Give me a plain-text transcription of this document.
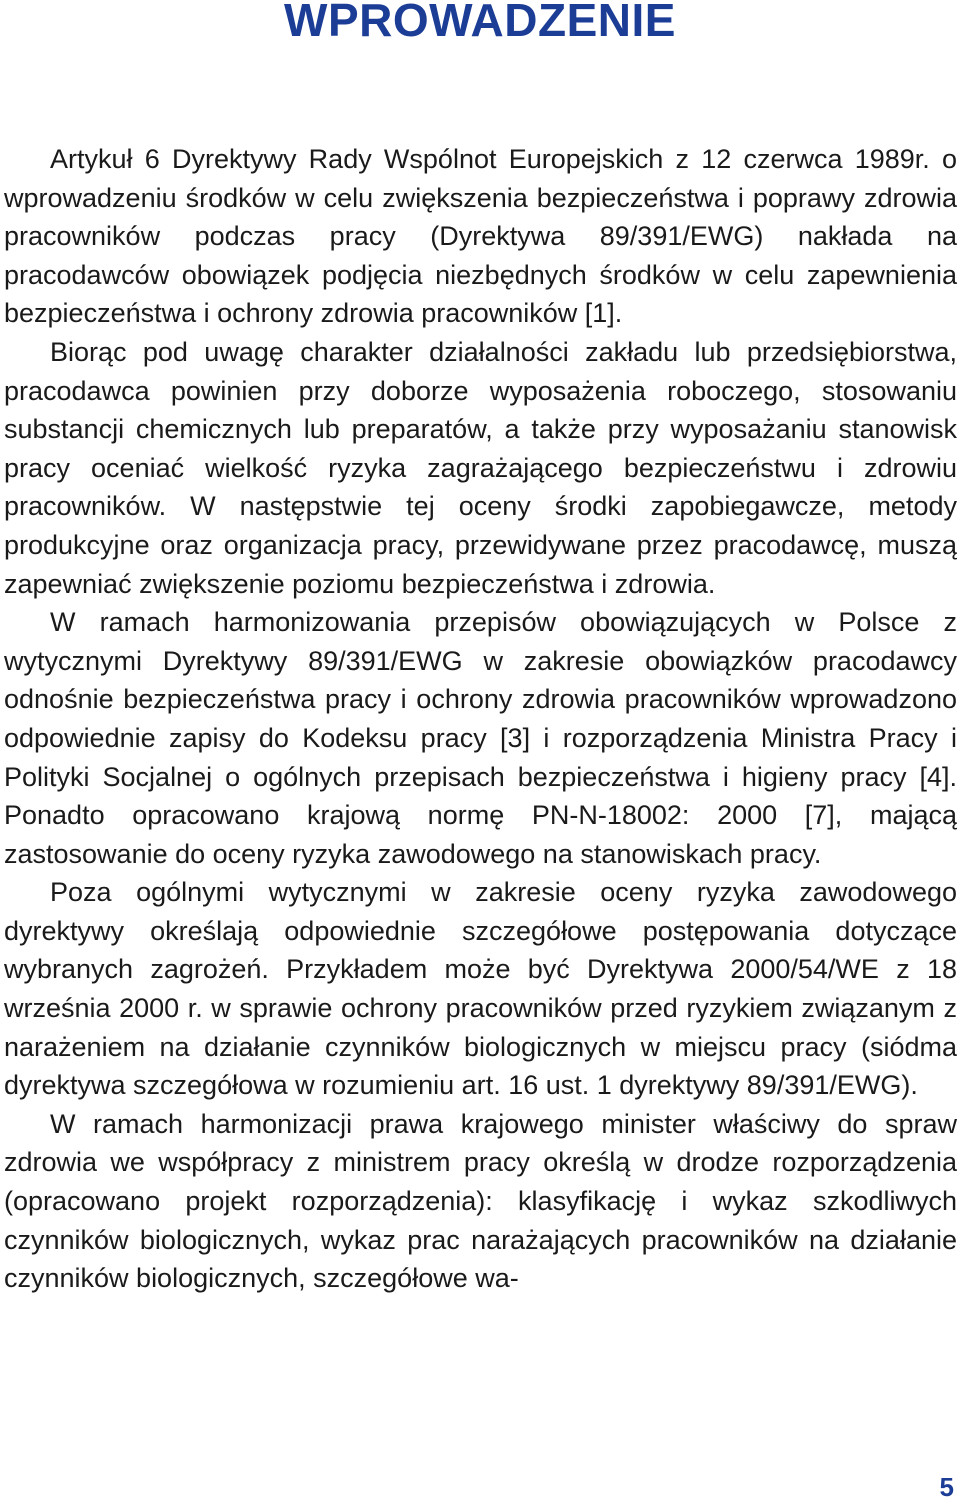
WPROWADZENIE

Artykuł 6 Dyrektywy Rady Wspólnot Europejskich z 12 czerwca 1989r. o wprowadzeniu środków w celu zwiększenia bezpieczeństwa i poprawy zdrowia pracowników podczas pracy (Dyrektywa 89/391/EWG) nakłada na pracodawców obowiązek podjęcia niezbędnych środków w celu zapewnienia bezpieczeństwa i ochrony zdrowia pracowników [1].

Biorąc pod uwagę charakter działalności zakładu lub przedsiębiorstwa, pracodawca powinien przy doborze wyposażenia roboczego, stosowaniu substancji chemicznych lub preparatów, a także przy wyposażaniu stanowisk pracy oceniać wielkość ryzyka zagrażającego bezpieczeństwu i zdrowiu pracowników. W następstwie tej oceny środki zapobiegawcze, metody produkcyjne oraz organizacja pracy, przewidywane przez pracodawcę, muszą zapewniać zwiększenie poziomu bezpieczeństwa i zdrowia.

W ramach harmonizowania przepisów obowiązujących w Polsce z wytycznymi Dyrektywy 89/391/EWG w zakresie obowiązków pracodawcy odnośnie bezpieczeństwa pracy i ochrony zdrowia pracowników wprowadzono odpowiednie zapisy do Kodeksu pracy [3] i rozporządzenia Ministra Pracy i Polityki Socjalnej o ogólnych przepisach bezpieczeństwa i higieny pracy [4]. Ponadto opracowano krajową normę PN-N-18002: 2000 [7], mającą zastosowanie do oceny ryzyka zawodowego na stanowiskach pracy.

Poza ogólnymi wytycznymi w zakresie oceny ryzyka zawodowego dyrektywy określają odpowiednie szczegółowe postępowania dotyczące wybranych zagrożeń. Przykładem może być Dyrektywa 2000/54/WE z 18 września 2000 r. w sprawie ochrony pracowników przed ryzykiem związanym z narażeniem na działanie czynników biologicznych w miejscu pracy (siódma dyrektywa szczegółowa w rozumieniu art. 16 ust. 1 dyrektywy 89/391/EWG).

W ramach harmonizacji prawa krajowego minister właściwy do spraw zdrowia we współpracy z ministrem pracy określą w drodze rozporządzenia (opracowano projekt rozporządzenia): klasyfikację i wykaz szkodliwych czynników biologicznych, wykaz prac narażających pracowników na działanie czynników biologicznych, szczegółowe wa-

5
